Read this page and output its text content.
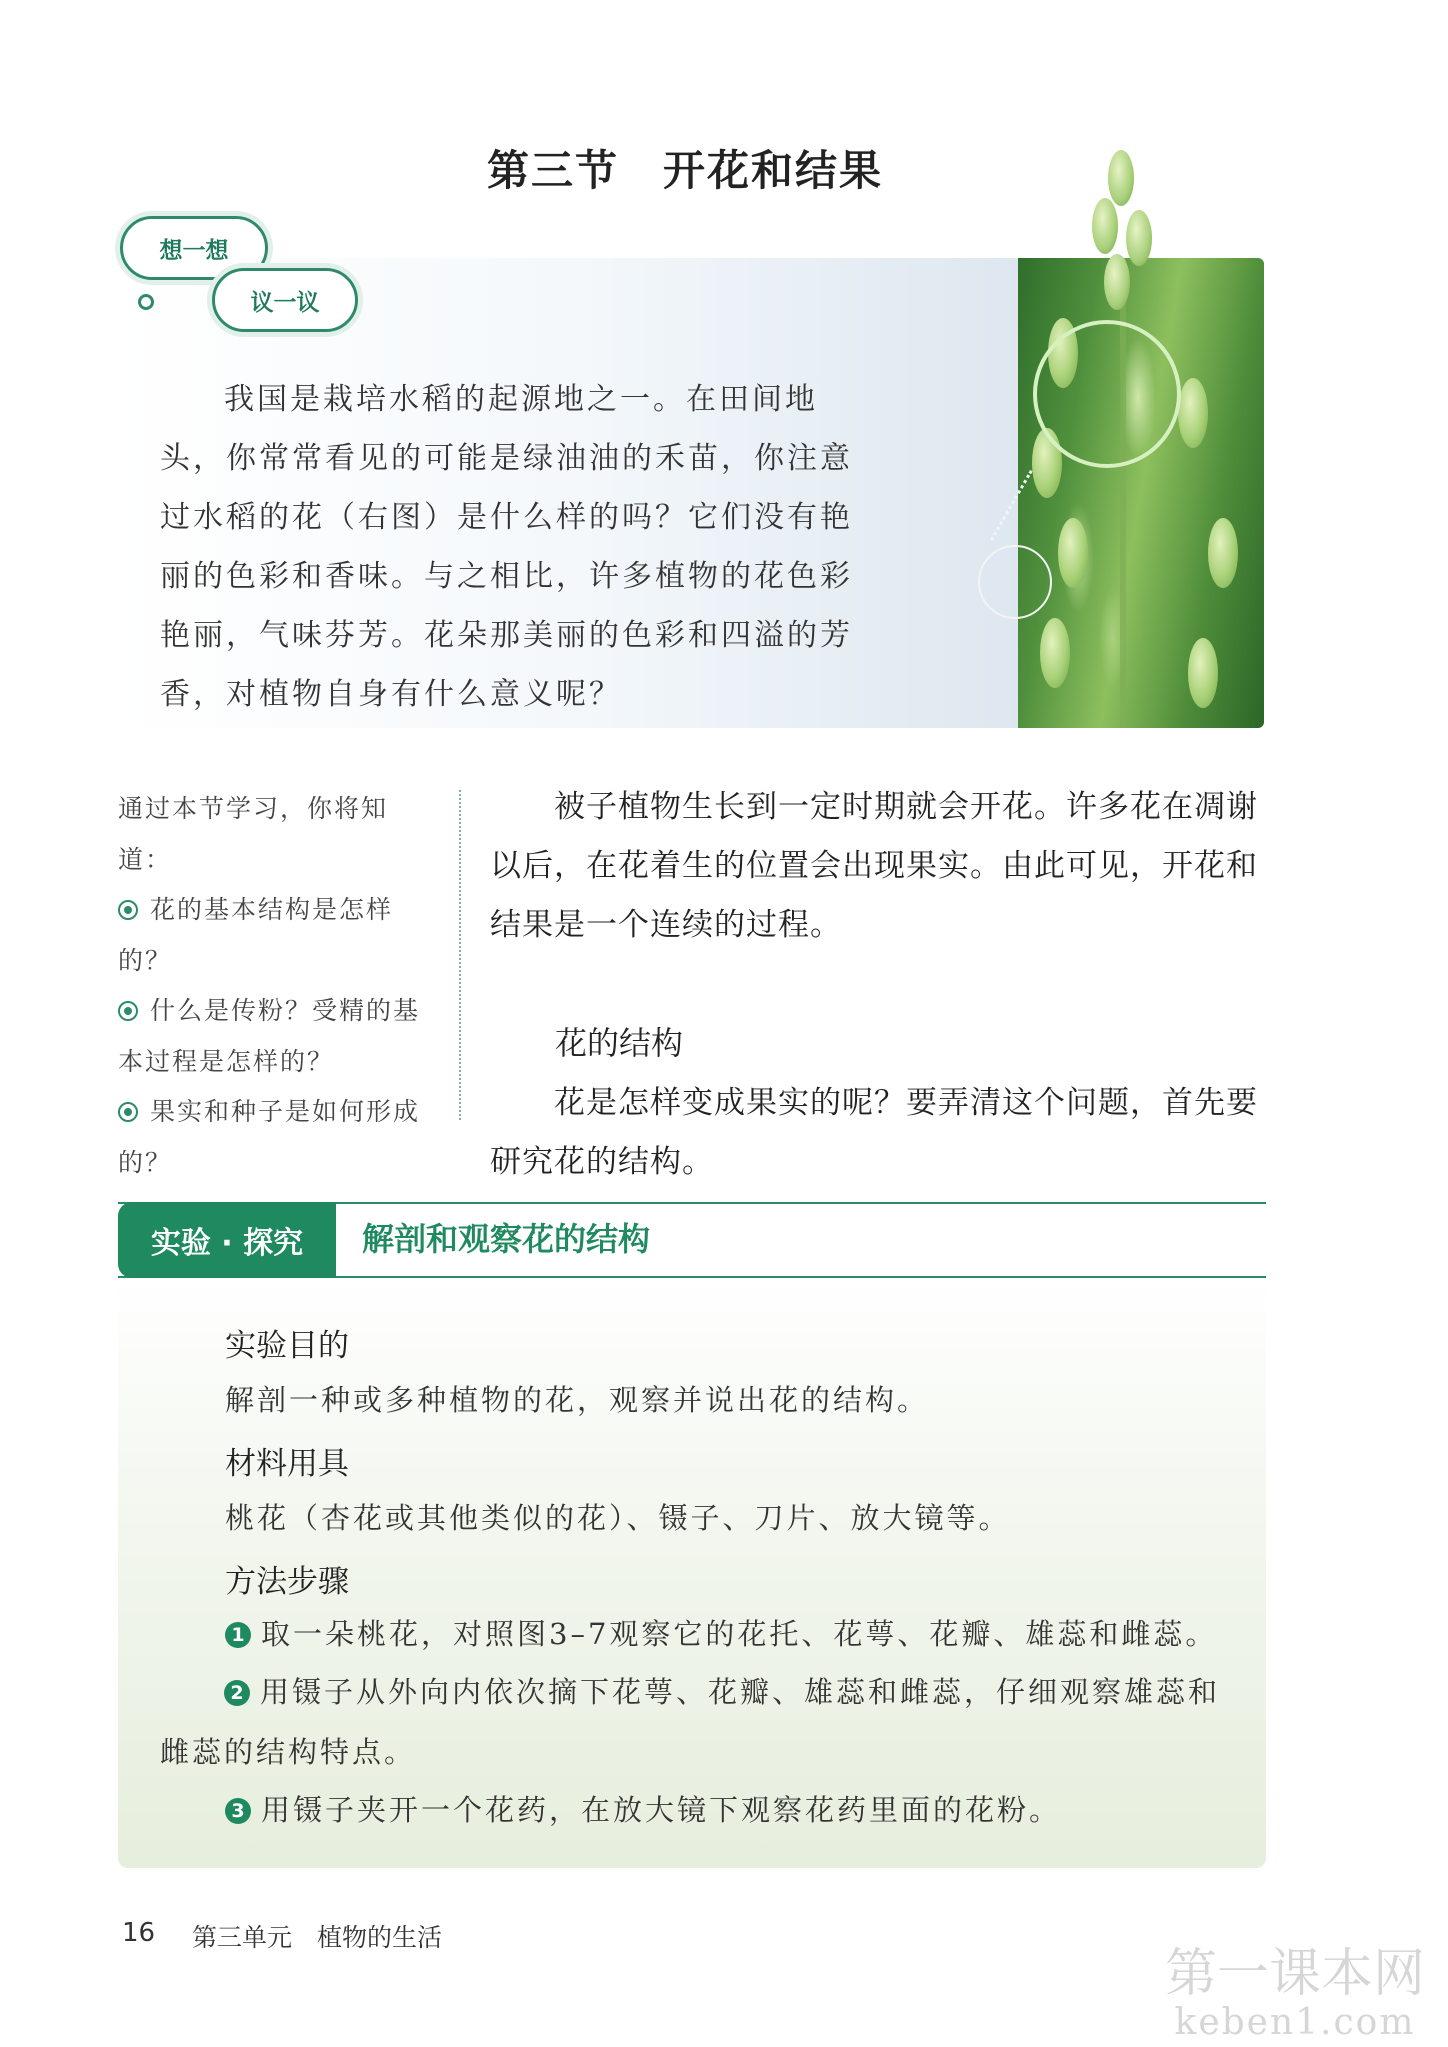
第三节　开花和结果
想一想
议一议
我国是栽培水稻的起源地之一。在田间地头，你常常看见的可能是绿油油的禾苗，你注意过水稻的花（右图）是什么样的吗？它们没有艳丽的色彩和香味。与之相比，许多植物的花色彩艳丽，气味芬芳。花朵那美丽的色彩和四溢的芳香，对植物自身有什么意义呢？
通过本节学习，你将知道：
花的基本结构是怎样的？
什么是传粉？受精的基本过程是怎样的？
果实和种子是如何形成的？
被子植物生长到一定时期就会开花。许多花在凋谢以后，在花着生的位置会出现果实。由此可见，开花和结果是一个连续的过程。
花的结构
花是怎样变成果实的呢？要弄清这个问题，首先要研究花的结构。
实验 · 探究	解剖和观察花的结构
实验目的
解剖一种或多种植物的花，观察并说出花的结构。
材料用具
桃花（杏花或其他类似的花）、镊子、刀片、放大镜等。
方法步骤
1 取一朵桃花，对照图3–7观察它的花托、花萼、花瓣、雄蕊和雌蕊。
2 用镊子从外向内依次摘下花萼、花瓣、雄蕊和雌蕊，仔细观察雄蕊和雌蕊的结构特点。
3 用镊子夹开一个花药，在放大镜下观察花药里面的花粉。
16 第三单元　植物的生活
第一课本网
keben1.com
